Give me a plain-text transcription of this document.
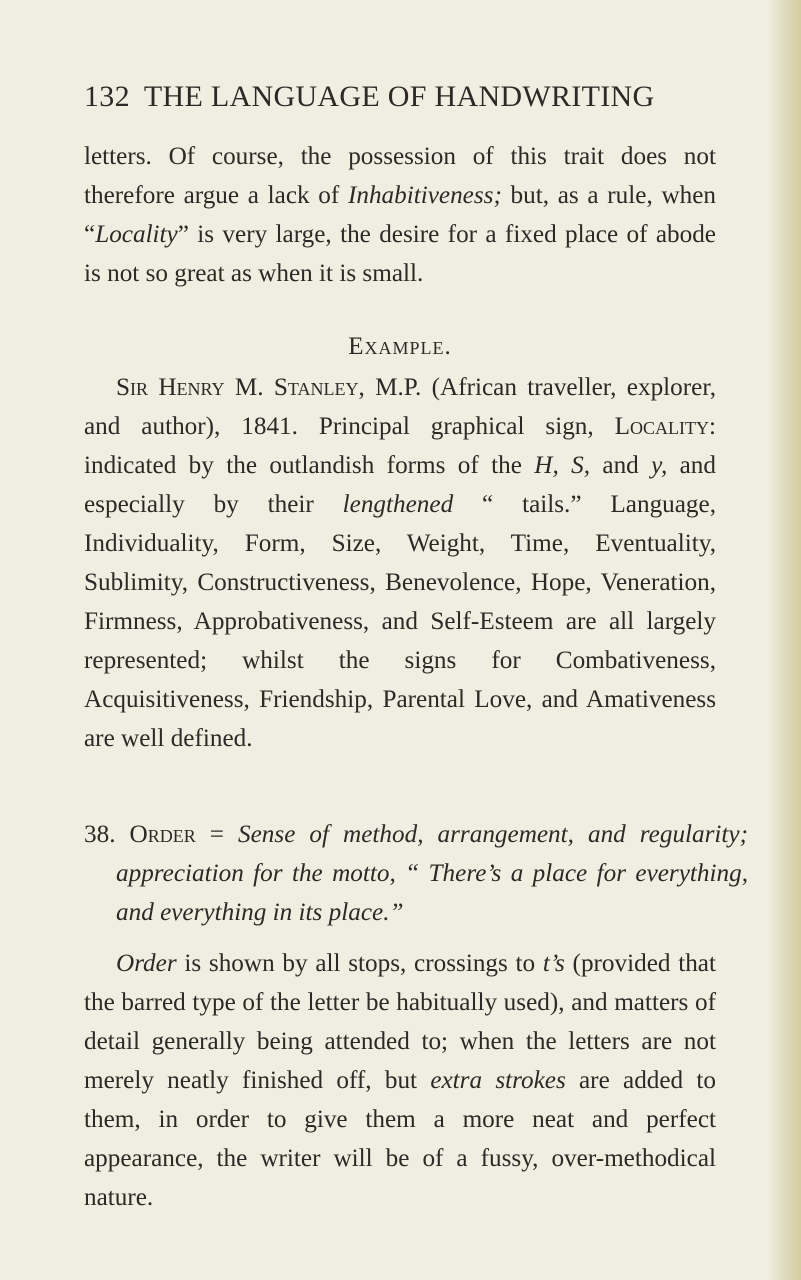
132 THE LANGUAGE OF HANDWRITING
letters. Of course, the possession of this trait does not therefore argue a lack of Inhabitiveness; but, as a rule, when “Locality” is very large, the desire for a fixed place of abode is not so great as when it is small.
Example.
Sir Henry M. Stanley, M.P. (African traveller, explorer, and author), 1841. Principal graphical sign, Locality: indicated by the outlandish forms of the H, S, and y, and especially by their lengthened “ tails.” Language, Individuality, Form, Size, Weight, Time, Eventuality, Sublimity, Constructiveness, Benevolence, Hope, Veneration, Firmness, Approbativeness, and Self-Esteem are all largely represented; whilst the signs for Combativeness, Acquisitiveness, Friendship, Parental Love, and Amativeness are well defined.
38. Order = Sense of method, arrangement, and regularity; appreciation for the motto, “ There’s a place for everything, and everything in its place.”
Order is shown by all stops, crossings to t’s (provided that the barred type of the letter be habitually used), and matters of detail generally being attended to; when the letters are not merely neatly finished off, but extra strokes are added to them, in order to give them a more neat and perfect appearance, the writer will be of a fussy, over-methodical nature.
